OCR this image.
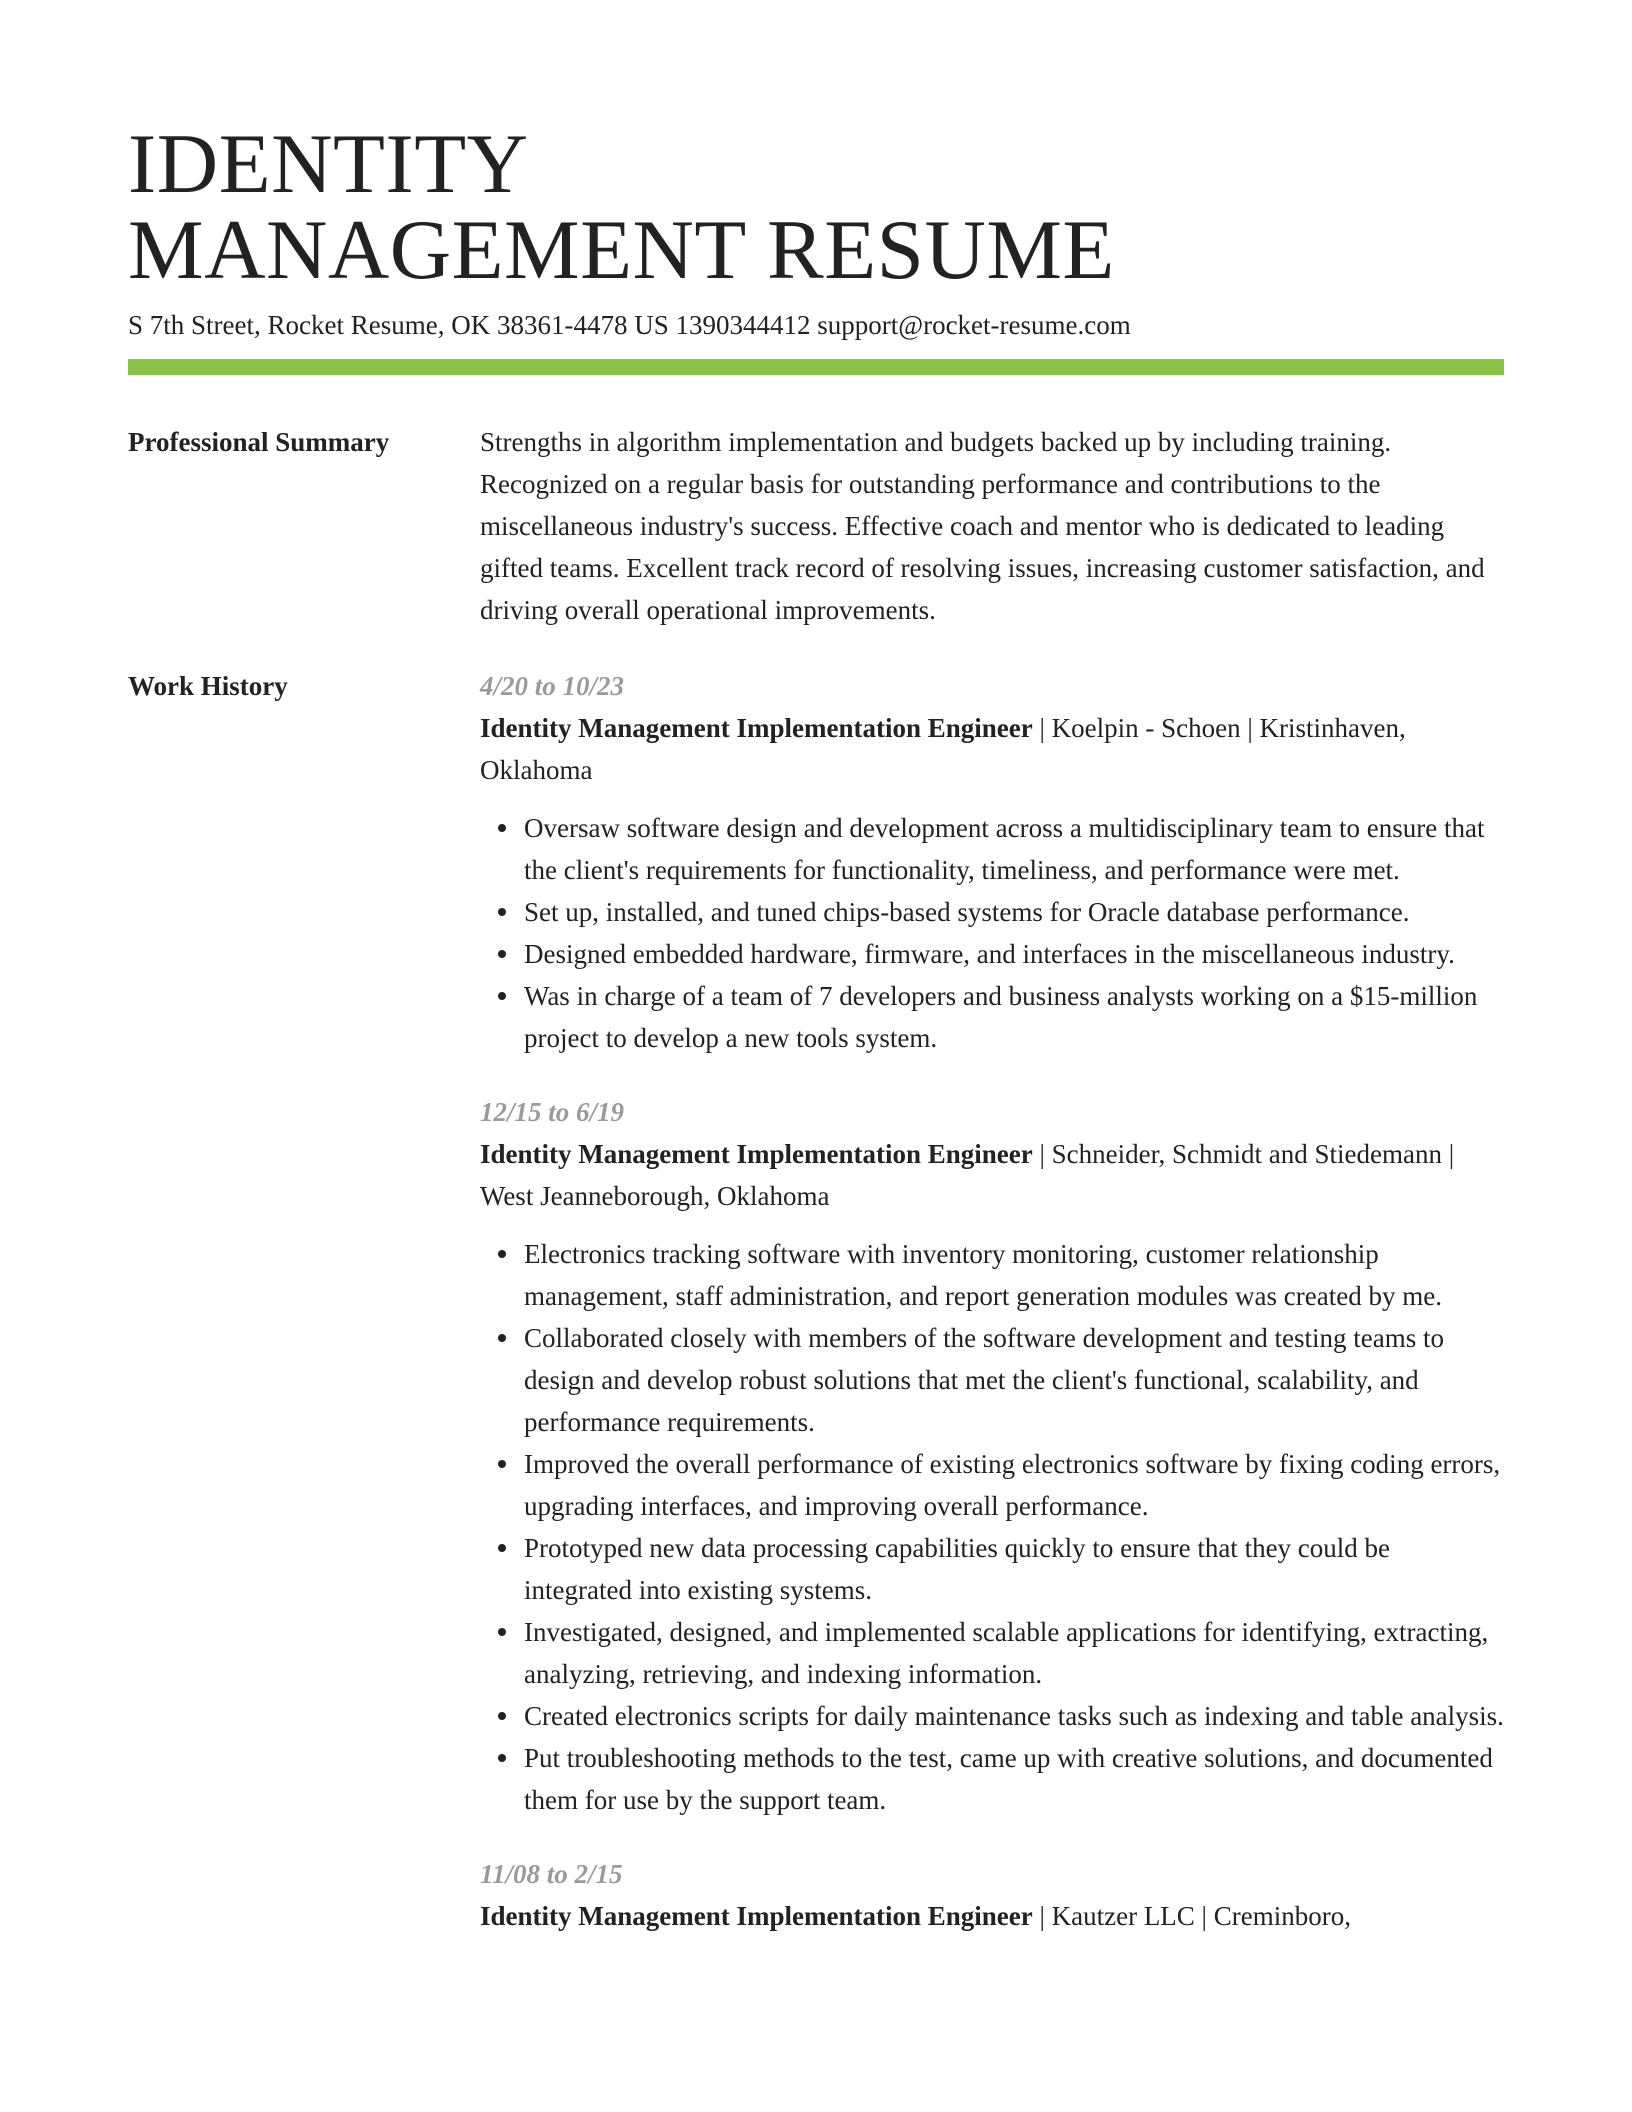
IDENTITY
MANAGEMENT RESUME
S 7th Street, Rocket Resume, OK 38361-4478 US 1390344412 support@rocket-resume.com
Professional Summary	Strengths in algorithm implementation and budgets backed up by including training. Recognized on a regular basis for outstanding performance and contributions to the miscellaneous industry's success. Effective coach and mentor who is dedicated to leading gifted teams. Excellent track record of resolving issues, increasing customer satisfaction, and driving overall operational improvements.

Work History	4/20 to 10/23
Identity Management Implementation Engineer | Koelpin - Schoen | Kristinhaven, Oklahoma
Oversaw software design and development across a multidisciplinary team to ensure that the client's requirements for functionality, timeliness, and performance were met.
Set up, installed, and tuned chips-based systems for Oracle database performance.
Designed embedded hardware, firmware, and interfaces in the miscellaneous industry.
Was in charge of a team of 7 developers and business analysts working on a $15-million project to develop a new tools system.
12/15 to 6/19
Identity Management Implementation Engineer | Schneider, Schmidt and Stiedemann | West Jeanneborough, Oklahoma
Electronics tracking software with inventory monitoring, customer relationship management, staff administration, and report generation modules was created by me.
Collaborated closely with members of the software development and testing teams to design and develop robust solutions that met the client's functional, scalability, and performance requirements.
Improved the overall performance of existing electronics software by fixing coding errors, upgrading interfaces, and improving overall performance.
Prototyped new data processing capabilities quickly to ensure that they could be integrated into existing systems.
Investigated, designed, and implemented scalable applications for identifying, extracting, analyzing, retrieving, and indexing information.
Created electronics scripts for daily maintenance tasks such as indexing and table analysis.
Put troubleshooting methods to the test, came up with creative solutions, and documented them for use by the support team.
11/08 to 2/15
Identity Management Implementation Engineer | Kautzer LLC | Creminboro,
